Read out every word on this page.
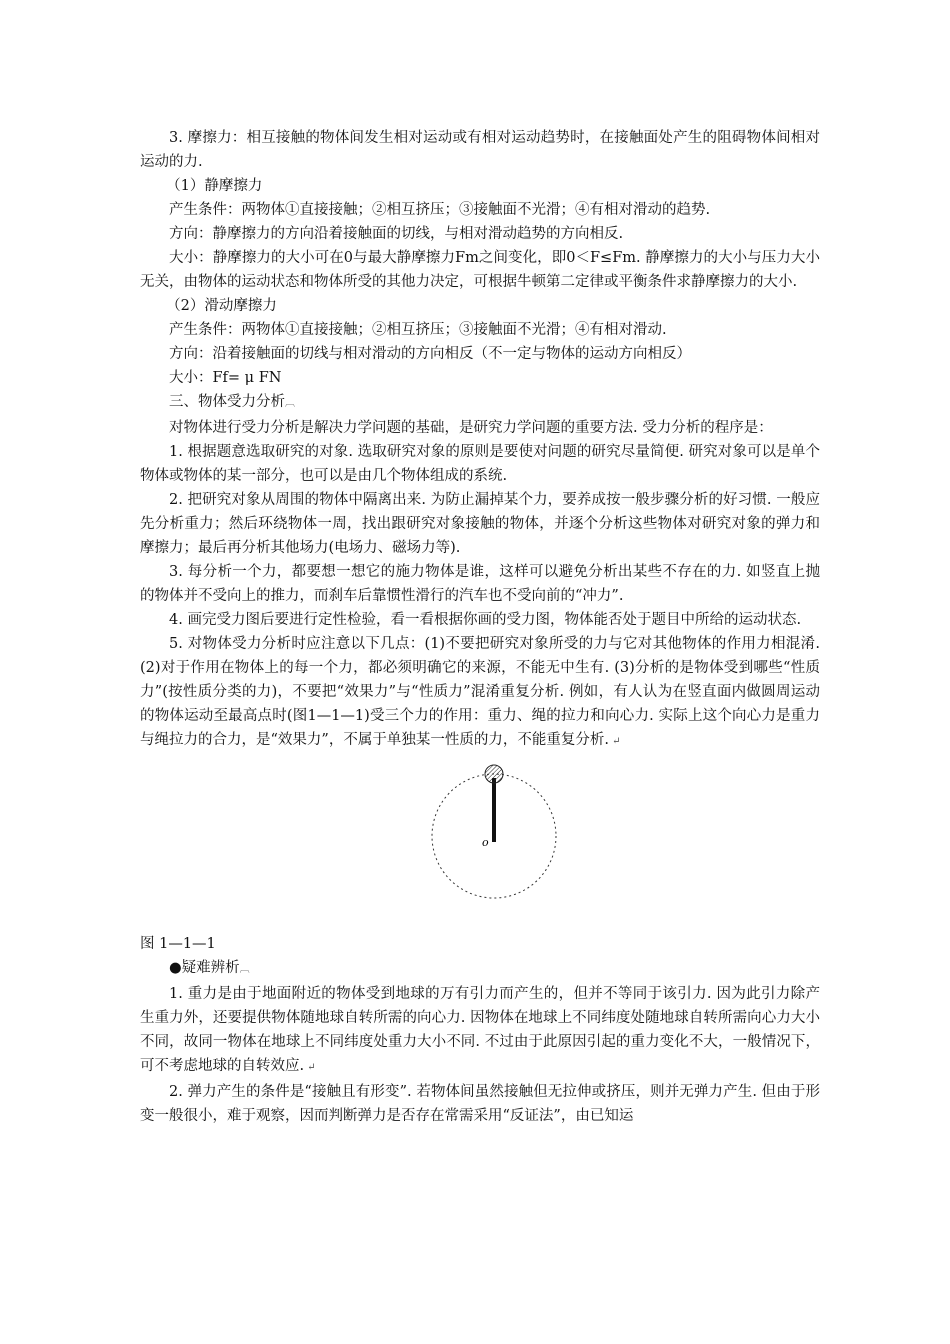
3. 摩擦力：相互接触的物体间发生相对运动或有相对运动趋势时，在接触面处产生的阻碍物体间相对运动的力.

（1）静摩擦力

产生条件：两物体①直接接触；②相互挤压；③接触面不光滑；④有相对滑动的趋势.

方向：静摩擦力的方向沿着接触面的切线，与相对滑动趋势的方向相反.

大小：静摩擦力的大小可在0与最大静摩擦力Fm之间变化，即0＜F≤Fm. 静摩擦力的大小与压力大小无关，由物体的运动状态和物体所受的其他力决定，可根据牛顿第二定律或平衡条件求静摩擦力的大小.

（2）滑动摩擦力

产生条件：两物体①直接接触；②相互挤压；③接触面不光滑；④有相对滑动.

方向：沿着接触面的切线与相对滑动的方向相反（不一定与物体的运动方向相反）

大小：Ff= μ FN

三、物体受力分析︹

对物体进行受力分析是解决力学问题的基础，是研究力学问题的重要方法. 受力分析的程序是：

1. 根据题意选取研究的对象. 选取研究对象的原则是要使对问题的研究尽量简便. 研究对象可以是单个物体或物体的某一部分，也可以是由几个物体组成的系统.

2. 把研究对象从周围的物体中隔离出来. 为防止漏掉某个力，要养成按一般步骤分析的好习惯. 一般应先分析重力；然后环绕物体一周，找出跟研究对象接触的物体，并逐个分析这些物体对研究对象的弹力和摩擦力；最后再分析其他场力(电场力、磁场力等).

3. 每分析一个力，都要想一想它的施力物体是谁，这样可以避免分析出某些不存在的力. 如竖直上抛的物体并不受向上的推力，而刹车后靠惯性滑行的汽车也不受向前的“冲力”.

4. 画完受力图后要进行定性检验，看一看根据你画的受力图，物体能否处于题目中所给的运动状态.

5. 对物体受力分析时应注意以下几点：(1)不要把研究对象所受的力与它对其他物体的作用力相混淆. (2)对于作用在物体上的每一个力，都必须明确它的来源，不能无中生有. (3)分析的是物体受到哪些“性质力”(按性质分类的力)，不要把“效果力”与“性质力”混淆重复分析. 例如，有人认为在竖直面内做圆周运动的物体运动至最高点时(图1—1—1)受三个力的作用：重力、绳的拉力和向心力. 实际上这个向心力是重力与绳拉力的合力，是“效果力”，不属于单独某一性质的力，不能重复分析. ↵

o

图 1—1—1

●疑难辨析︹

1. 重力是由于地面附近的物体受到地球的万有引力而产生的，但并不等同于该引力. 因为此引力除产生重力外，还要提供物体随地球自转所需的向心力. 因物体在地球上不同纬度处随地球自转所需向心力大小不同，故同一物体在地球上不同纬度处重力大小不同. 不过由于此原因引起的重力变化不大，一般情况下，可不考虑地球的自转效应. ↵

2. 弹力产生的条件是“接触且有形变”. 若物体间虽然接触但无拉伸或挤压，则并无弹力产生. 但由于形变一般很小，难于观察，因而判断弹力是否存在常需采用“反证法”，由已知运
